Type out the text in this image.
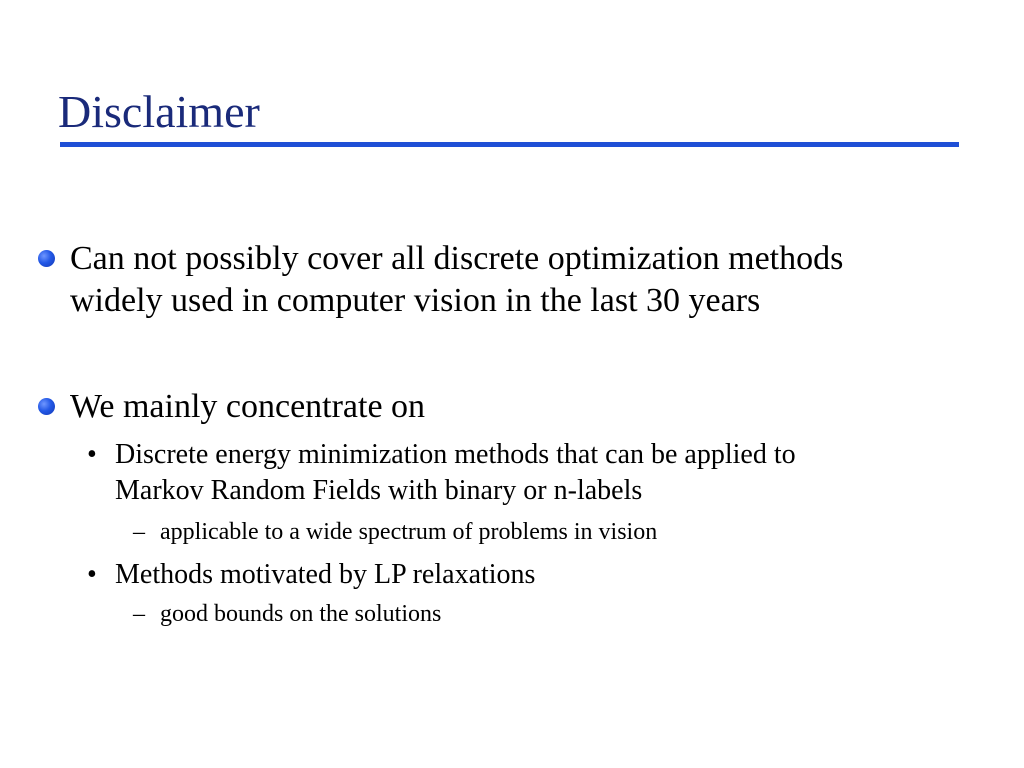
Disclaimer
Can not possibly cover all discrete optimization methods
widely used in computer vision in the last 30 years
We mainly concentrate on
• Discrete energy minimization methods that can be applied to
Markov Random Fields with binary or n-labels
– applicable to a wide spectrum of problems in vision
• Methods motivated by LP relaxations
– good bounds on the solutions
